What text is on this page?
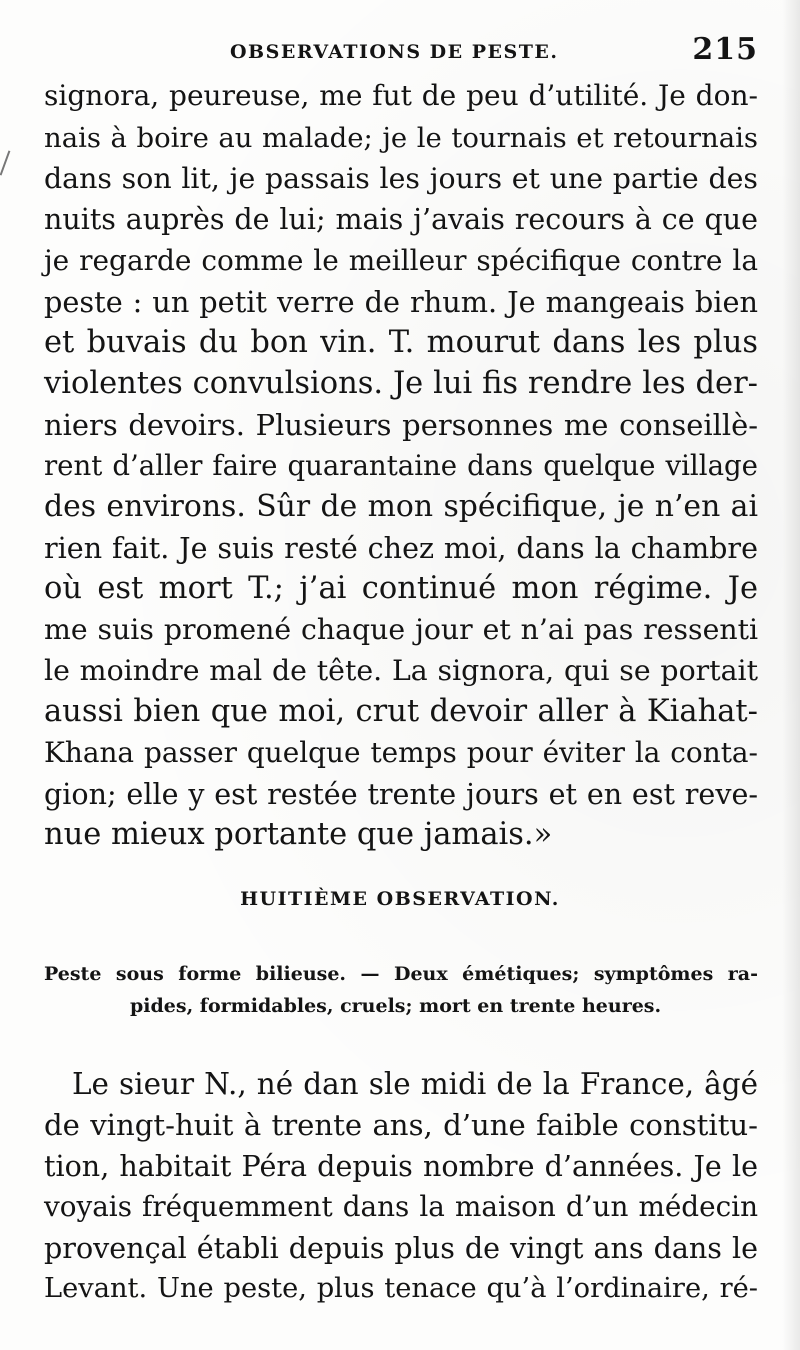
OBSERVATIONS DE PESTE.	215
signora, peureuse, me fut de peu d’utilité. Je don-
nais à boire au malade; je le tournais et retournais
dans son lit, je passais les jours et une partie des
nuits auprès de lui; mais j’avais recours à ce que
je regarde comme le meilleur spécifique contre la
peste : un petit verre de rhum. Je mangeais bien
et buvais du bon vin. T. mourut dans les plus
violentes convulsions. Je lui fis rendre les der-
niers devoirs. Plusieurs personnes me conseillè-
rent d’aller faire quarantaine dans quelque village
des environs. Sûr de mon spécifique, je n’en ai
rien fait. Je suis resté chez moi, dans la chambre
où est mort T.; j’ai continué mon régime. Je
me suis promené chaque jour et n’ai pas ressenti
le moindre mal de tête. La signora, qui se portait
aussi bien que moi, crut devoir aller à Kiahat-
Khana passer quelque temps pour éviter la conta-
gion; elle y est restée trente jours et en est reve-
nue mieux portante que jamais.»
HUITIÈME OBSERVATION.
Peste sous forme bilieuse. — Deux émétiques; symptômes ra-
pides, formidables, cruels; mort en trente heures.
Le sieur N., né dan sle midi de la France, âgé
de vingt-huit à trente ans, d’une faible constitu-
tion, habitait Péra depuis nombre d’années. Je le
voyais fréquemment dans la maison d’un médecin
provençal établi depuis plus de vingt ans dans le
Levant. Une peste, plus tenace qu’à l’ordinaire, ré-
